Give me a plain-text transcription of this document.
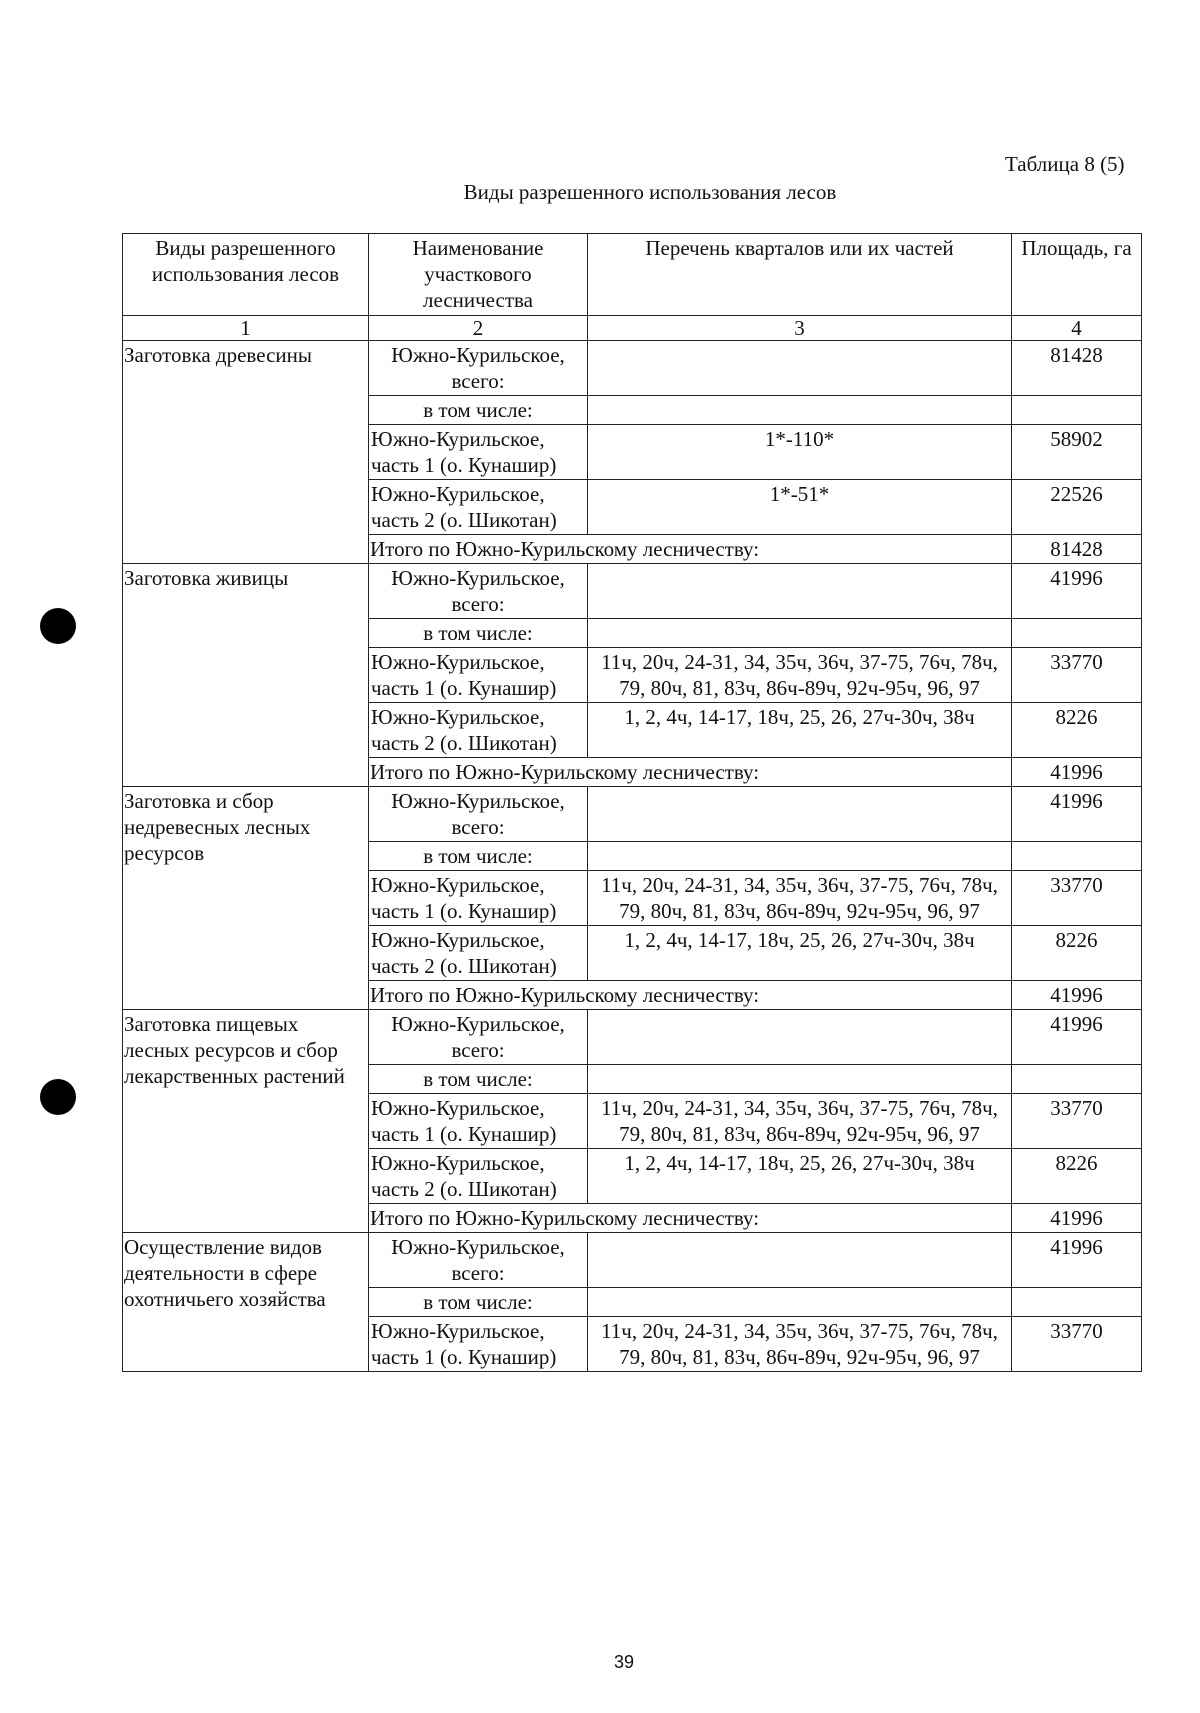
Таблица 8 (5)
Виды разрешенного использования лесов
Виды разрешенного использования лесов	Наименование участкового лесничества	Перечень кварталов или их частей	Площадь, га
1	2	3	4
Заготовка древесины	Южно-Курильское, всего:		81428
	в том числе:		
	Южно-Курильское, часть 1 (о. Кунашир)	1*-110*	58902
	Южно-Курильское, часть 2 (о. Шикотан)	1*-51*	22526
	Итого по Южно-Курильскому лесничеству:		81428
Заготовка живицы	Южно-Курильское, всего:		41996
	в том числе:		
	Южно-Курильское, часть 1 (о. Кунашир)	11ч, 20ч, 24-31, 34, 35ч, 36ч, 37-75, 76ч, 78ч, 79, 80ч, 81, 83ч, 86ч-89ч, 92ч-95ч, 96, 97	33770
	Южно-Курильское, часть 2 (о. Шикотан)	1, 2, 4ч, 14-17, 18ч, 25, 26, 27ч-30ч, 38ч	8226
	Итого по Южно-Курильскому лесничеству:		41996
Заготовка и сбор недревесных лесных ресурсов	Южно-Курильское, всего:		41996
	в том числе:		
	Южно-Курильское, часть 1 (о. Кунашир)	11ч, 20ч, 24-31, 34, 35ч, 36ч, 37-75, 76ч, 78ч, 79, 80ч, 81, 83ч, 86ч-89ч, 92ч-95ч, 96, 97	33770
	Южно-Курильское, часть 2 (о. Шикотан)	1, 2, 4ч, 14-17, 18ч, 25, 26, 27ч-30ч, 38ч	8226
	Итого по Южно-Курильскому лесничеству:		41996
Заготовка пищевых лесных ресурсов и сбор лекарственных растений	Южно-Курильское, всего:		41996
	в том числе:		
	Южно-Курильское, часть 1 (о. Кунашир)	11ч, 20ч, 24-31, 34, 35ч, 36ч, 37-75, 76ч, 78ч, 79, 80ч, 81, 83ч, 86ч-89ч, 92ч-95ч, 96, 97	33770
	Южно-Курильское, часть 2 (о. Шикотан)	1, 2, 4ч, 14-17, 18ч, 25, 26, 27ч-30ч, 38ч	8226
	Итого по Южно-Курильскому лесничеству:		41996
Осуществление видов деятельности в сфере охотничьего хозяйства	Южно-Курильское, всего:		41996
	в том числе:		
	Южно-Курильское, часть 1 (о. Кунашир)	11ч, 20ч, 24-31, 34, 35ч, 36ч, 37-75, 76ч, 78ч, 79, 80ч, 81, 83ч, 86ч-89ч, 92ч-95ч, 96, 97	33770
39
